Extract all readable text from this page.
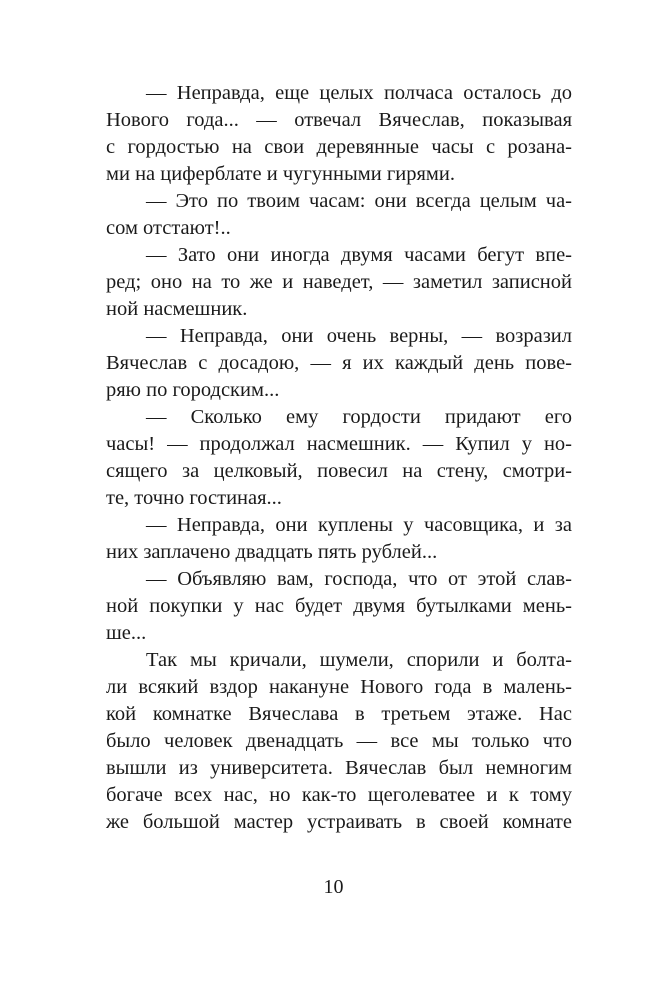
— Неправда, еще целых полчаса осталось до
Нового года... — отвечал Вячеслав, показывая
с гордостью на свои деревянные часы с розана-
ми на циферблате и чугунными гирями.
— Это по твоим часам: они всегда целым ча-
сом отстают!..
— Зато они иногда двумя часами бегут впе-
ред; оно на то же и наведет, — заметил записной
ной насмешник.
— Неправда, они очень верны, — возразил
Вячеслав с досадою, — я их каждый день пове-
ряю по городским...
— Сколько ему гордости придают его
часы! — продолжал насмешник. — Купил у но-
сящего за целковый, повесил на стену, смотри-
те, точно гостиная...
— Неправда, они куплены у часовщика, и за
них заплачено двадцать пять рублей...
— Объявляю вам, господа, что от этой слав-
ной покупки у нас будет двумя бутылками мень-
ше...
Так мы кричали, шумели, спорили и болта-
ли всякий вздор накануне Нового года в малень-
кой комнатке Вячеслава в третьем этаже. Нас
было человек двенадцать — все мы только что
вышли из университета. Вячеслав был немногим
богаче всех нас, но как-то щеголеватее и к тому
же большой мастер устраивать в своей комнате
10
